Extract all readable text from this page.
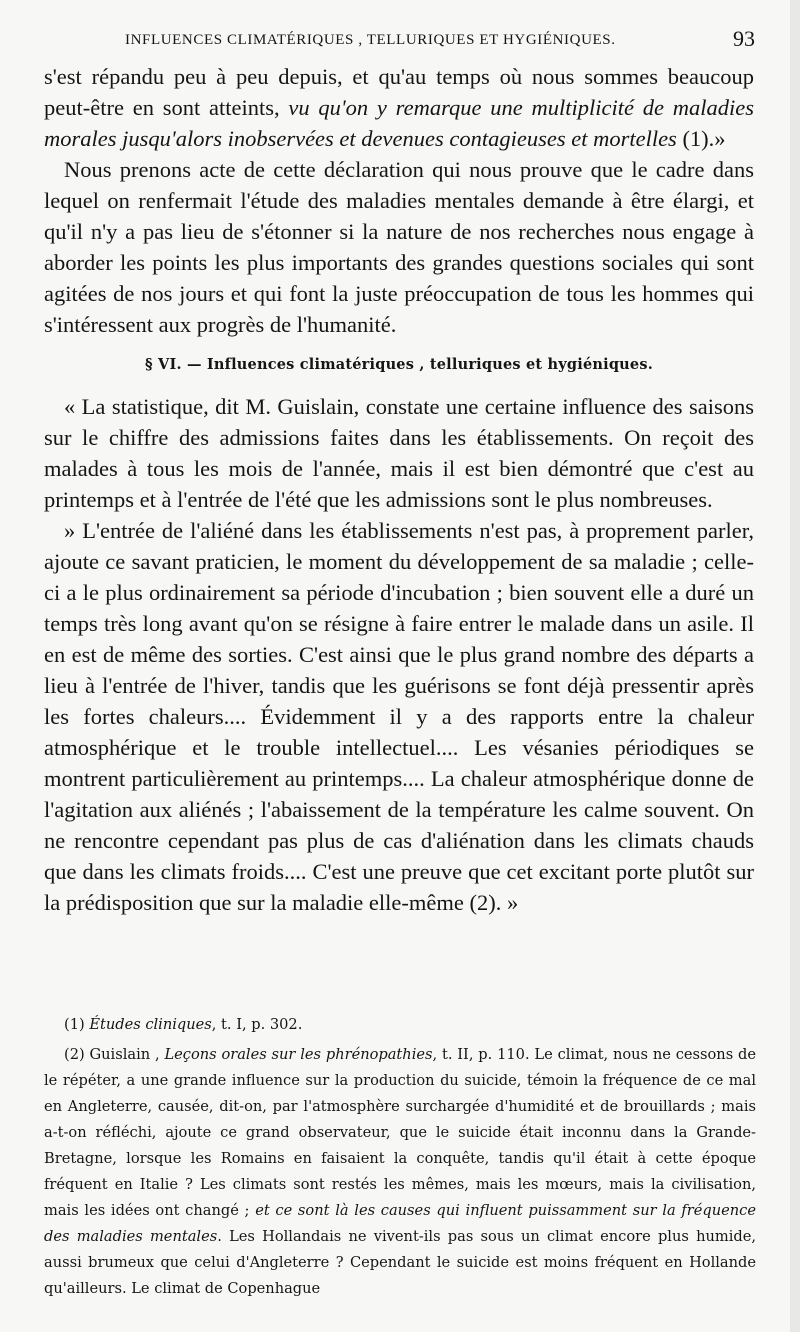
INFLUENCES CLIMATÉRIQUES , TELLURIQUES ET HYGIÉNIQUES.	93

s'est répandu peu à peu depuis, et qu'au temps où nous sommes beaucoup peut-être en sont atteints, vu qu'on y remarque une multiplicité de maladies morales jusqu'alors inobservées et devenues contagieuses et mortelles (1).»

Nous prenons acte de cette déclaration qui nous prouve que le cadre dans lequel on renfermait l'étude des maladies mentales demande à être élargi, et qu'il n'y a pas lieu de s'étonner si la nature de nos recherches nous engage à aborder les points les plus importants des grandes questions sociales qui sont agitées de nos jours et qui font la juste préoccupation de tous les hommes qui s'intéressent aux progrès de l'humanité.

§ VI. — Influences climatériques , telluriques et hygiéniques.

« La statistique, dit M. Guislain, constate une certaine influence des saisons sur le chiffre des admissions faites dans les établissements. On reçoit des malades à tous les mois de l'année, mais il est bien démontré que c'est au printemps et à l'entrée de l'été que les admissions sont le plus nombreuses.

» L'entrée de l'aliéné dans les établissements n'est pas, à proprement parler, ajoute ce savant praticien, le moment du développement de sa maladie ; celle-ci a le plus ordinairement sa période d'incubation ; bien souvent elle a duré un temps très long avant qu'on se résigne à faire entrer le malade dans un asile. Il en est de même des sorties. C'est ainsi que le plus grand nombre des départs a lieu à l'entrée de l'hiver, tandis que les guérisons se font déjà pressentir après les fortes chaleurs.... Évidemment il y a des rapports entre la chaleur atmosphérique et le trouble intellectuel.... Les vésanies périodiques se montrent particulièrement au printemps.... La chaleur atmosphérique donne de l'agitation aux aliénés ; l'abaissement de la température les calme souvent. On ne rencontre cependant pas plus de cas d'aliénation dans les climats chauds que dans les climats froids.... C'est une preuve que cet excitant porte plutôt sur la prédisposition que sur la maladie elle-même (2). »

(1) Études cliniques, t. I, p. 302.

(2) Guislain , Leçons orales sur les phrénopathies, t. II, p. 110. Le climat, nous ne cessons de le répéter, a une grande influence sur la production du suicide, témoin la fréquence de ce mal en Angleterre, causée, dit-on, par l'atmosphère surchargée d'humidité et de brouillards ; mais a-t-on réfléchi, ajoute ce grand observateur, que le suicide était inconnu dans la Grande-Bretagne, lorsque les Romains en faisaient la conquête, tandis qu'il était à cette époque fréquent en Italie ? Les climats sont restés les mêmes, mais les mœurs, mais la civilisation, mais les idées ont changé ; et ce sont là les causes qui influent puissamment sur la fréquence des maladies mentales. Les Hollandais ne vivent-ils pas sous un climat encore plus humide, aussi brumeux que celui d'Angleterre ? Cependant le suicide est moins fréquent en Hollande qu'ailleurs. Le climat de Copenhague
